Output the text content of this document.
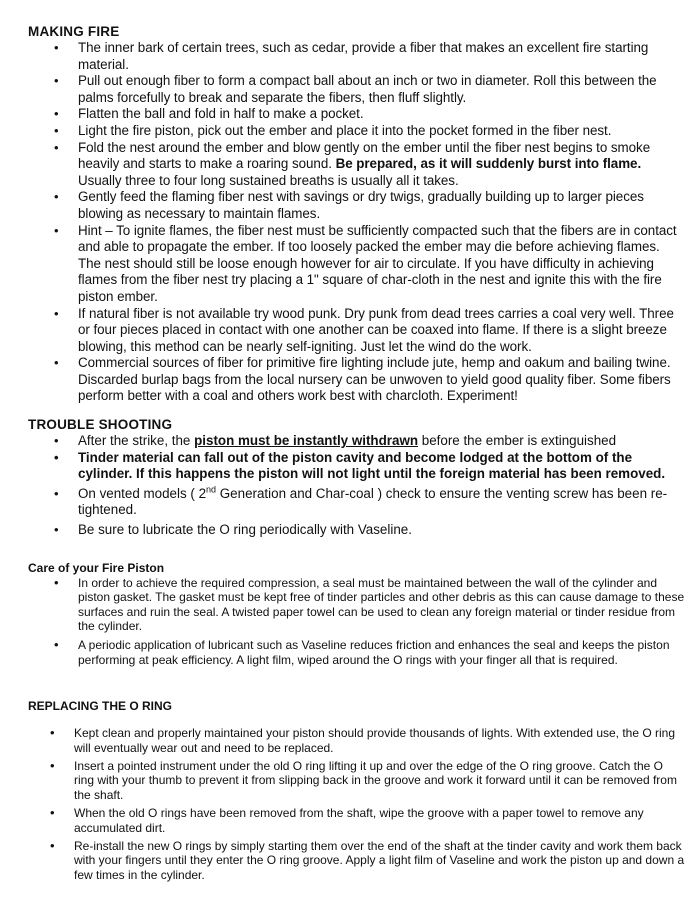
MAKING FIRE
• The inner bark of certain trees, such as cedar, provide a fiber that makes an excellent fire starting material.
• Pull out enough fiber to form a compact ball about an inch or two in diameter. Roll this between the palms forcefully to break and separate the fibers, then fluff slightly.
• Flatten the ball and fold in half to make a pocket.
• Light the fire piston, pick out the ember and place it into the pocket formed in the fiber nest.
• Fold the nest around the ember and blow gently on the ember until the fiber nest begins to smoke heavily and starts to make a roaring sound. Be prepared, as it will suddenly burst into flame. Usually three to four long sustained breaths is usually all it takes.
• Gently feed the flaming fiber nest with savings or dry twigs, gradually building up to larger pieces blowing as necessary to maintain flames.
• Hint – To ignite flames, the fiber nest must be sufficiently compacted such that the fibers are in contact and able to propagate the ember. If too loosely packed the ember may die before achieving flames. The nest should still be loose enough however for air to circulate. If you have difficulty in achieving flames from the fiber nest try placing a 1" square of char-cloth in the nest and ignite this with the fire piston ember.
• If natural fiber is not available try wood punk. Dry punk from dead trees carries a coal very well. Three or four pieces placed in contact with one another can be coaxed into flame. If there is a slight breeze blowing, this method can be nearly self-igniting. Just let the wind do the work.
• Commercial sources of fiber for primitive fire lighting include jute, hemp and oakum and bailing twine. Discarded burlap bags from the local nursery can be unwoven to yield good quality fiber. Some fibers perform better with a coal and others work best with charcloth. Experiment!
TROUBLE SHOOTING
• After the strike, the piston must be instantly withdrawn before the ember is extinguished
• Tinder material can fall out of the piston cavity and become lodged at the bottom of the cylinder. If this happens the piston will not light until the foreign material has been removed.
• On vented models ( 2nd Generation and Char-coal ) check to ensure the venting screw has been re-tightened.
• Be sure to lubricate the O ring periodically with Vaseline.
Care of your Fire Piston
• In order to achieve the required compression, a seal must be maintained between the wall of the cylinder and piston gasket. The gasket must be kept free of tinder particles and other debris as this can cause damage to these surfaces and ruin the seal. A twisted paper towel can be used to clean any foreign material or tinder residue from the cylinder.
• A periodic application of lubricant such as Vaseline reduces friction and enhances the seal and keeps the piston performing at peak efficiency. A light film, wiped around the O rings with your finger all that is required.
REPLACING THE O RING
• Kept clean and properly maintained your piston should provide thousands of lights. With extended use, the O ring will eventually wear out and need to be replaced.
• Insert a pointed instrument under the old O ring lifting it up and over the edge of the O ring groove. Catch the O ring with your thumb to prevent it from slipping back in the groove and work it forward until it can be removed from the shaft.
• When the old O rings have been removed from the shaft, wipe the groove with a paper towel to remove any accumulated dirt.
• Re-install the new O rings by simply starting them over the end of the shaft at the tinder cavity and work them back with your fingers until they enter the O ring groove. Apply a light film of Vaseline and work the piston up and down a few times in the cylinder.
